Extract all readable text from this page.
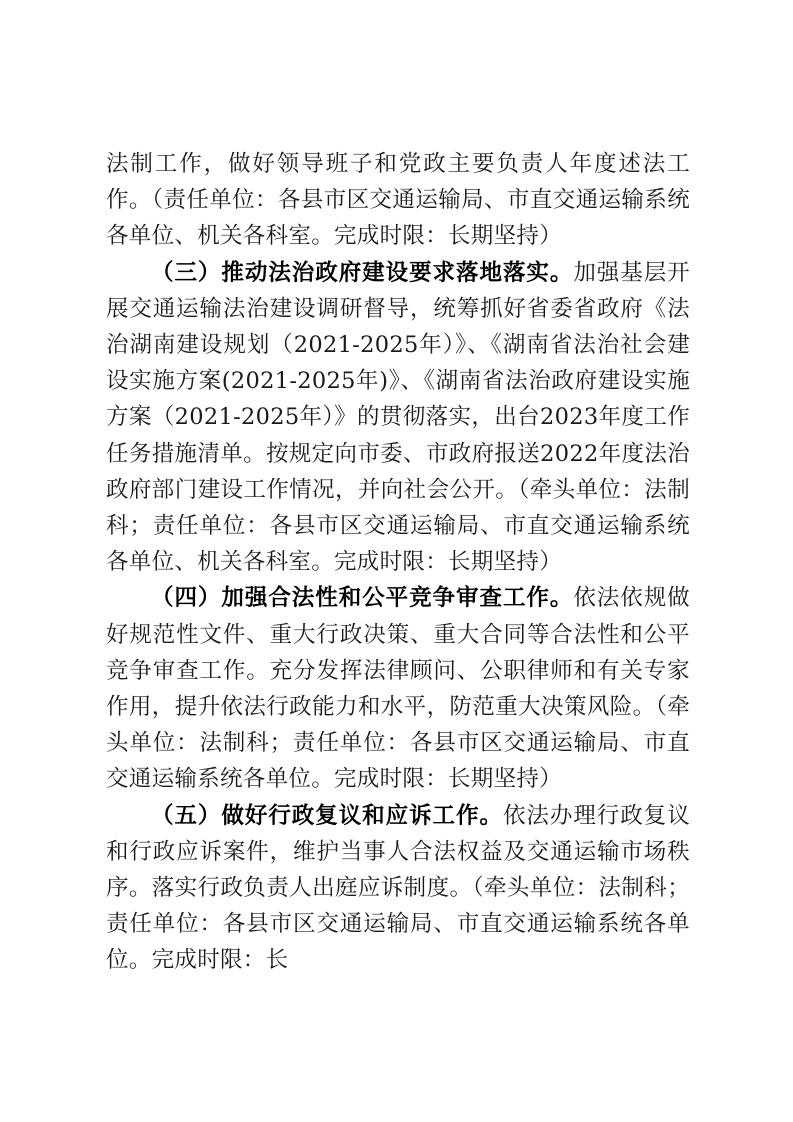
法制工作，做好领导班子和党政主要负责人年度述法工作。（责任单位：各县市区交通运输局、市直交通运输系统各单位、机关各科室。完成时限：长期坚持）

（三）推动法治政府建设要求落地落实。加强基层开展交通运输法治建设调研督导，统筹抓好省委省政府《法治湖南建设规划（2021-2025年）》、《湖南省法治社会建设实施方案(2021-2025年)》、《湖南省法治政府建设实施方案（2021-2025年）》的贯彻落实，出台2023年度工作任务措施清单。按规定向市委、市政府报送2022年度法治政府部门建设工作情况，并向社会公开。（牵头单位：法制科；责任单位：各县市区交通运输局、市直交通运输系统各单位、机关各科室。完成时限：长期坚持）

（四）加强合法性和公平竞争审查工作。依法依规做好规范性文件、重大行政决策、重大合同等合法性和公平竞争审查工作。充分发挥法律顾问、公职律师和有关专家作用，提升依法行政能力和水平，防范重大决策风险。（牵头单位：法制科；责任单位：各县市区交通运输局、市直交通运输系统各单位。完成时限：长期坚持）

（五）做好行政复议和应诉工作。依法办理行政复议和行政应诉案件，维护当事人合法权益及交通运输市场秩序。落实行政负责人出庭应诉制度。（牵头单位：法制科；责任单位：各县市区交通运输局、市直交通运输系统各单位。完成时限：长
